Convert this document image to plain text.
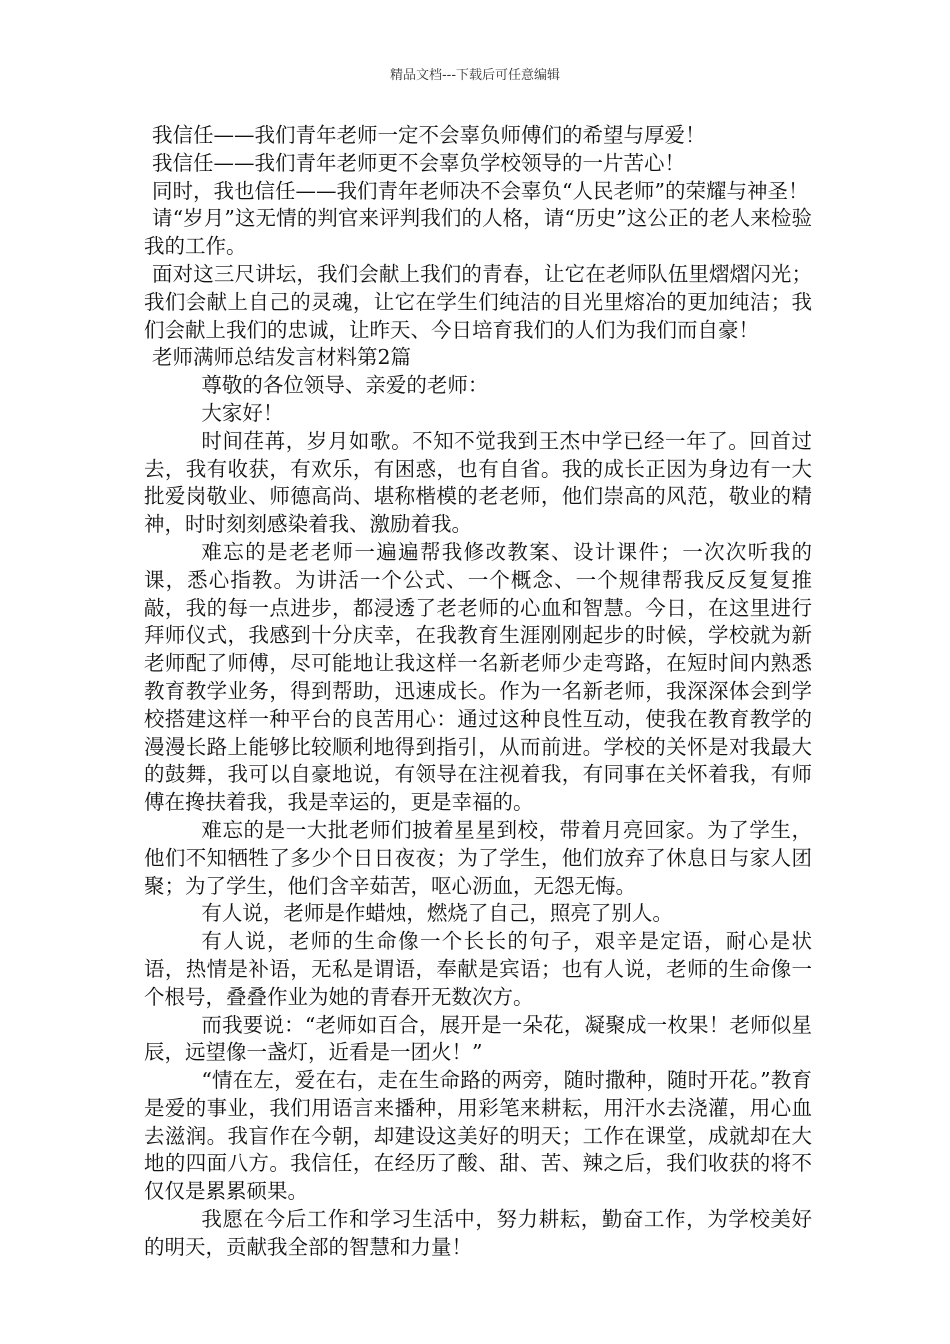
精品文档---下载后可任意编辑

我信任——我们青年老师一定不会辜负师傅们的希望与厚爱！

我信任——我们青年老师更不会辜负学校领导的一片苦心！

同时，我也信任——我们青年老师决不会辜负“人民老师”的荣耀与神圣！

请“岁月”这无情的判官来评判我们的人格，请“历史”这公正的老人来检验我的工作。

面对这三尺讲坛，我们会献上我们的青春，让它在老师队伍里熠熠闪光；我们会献上自己的灵魂，让它在学生们纯洁的目光里熔冶的更加纯洁；我们会献上我们的忠诚，让昨天、今日培育我们的人们为我们而自豪！

老师满师总结发言材料第2篇

尊敬的各位领导、亲爱的老师：

大家好！

时间荏苒，岁月如歌。不知不觉我到王杰中学已经一年了。回首过去，我有收获，有欢乐，有困惑，也有自省。我的成长正因为身边有一大批爱岗敬业、师德高尚、堪称楷模的老老师，他们崇高的风范，敬业的精神，时时刻刻感染着我、激励着我。

难忘的是老老师一遍遍帮我修改教案、设计课件；一次次听我的课，悉心指教。为讲活一个公式、一个概念、一个规律帮我反反复复推敲，我的每一点进步，都浸透了老老师的心血和智慧。今日，在这里进行拜师仪式，我感到十分庆幸，在我教育生涯刚刚起步的时候，学校就为新老师配了师傅，尽可能地让我这样一名新老师少走弯路，在短时间内熟悉教育教学业务，得到帮助，迅速成长。作为一名新老师，我深深体会到学校搭建这样一种平台的良苦用心：通过这种良性互动，使我在教育教学的漫漫长路上能够比较顺利地得到指引，从而前进。学校的关怀是对我最大的鼓舞，我可以自豪地说，有领导在注视着我，有同事在关怀着我，有师傅在搀扶着我，我是幸运的，更是幸福的。

难忘的是一大批老师们披着星星到校，带着月亮回家。为了学生，他们不知牺牲了多少个日日夜夜；为了学生，他们放弃了休息日与家人团聚；为了学生，他们含辛茹苦，呕心沥血，无怨无悔。

有人说，老师是作蜡烛，燃烧了自己，照亮了别人。

有人说，老师的生命像一个长长的句子，艰辛是定语，耐心是状语，热情是补语，无私是谓语，奉献是宾语；也有人说，老师的生命像一个根号，叠叠作业为她的青春开无数次方。

而我要说：“老师如百合，展开是一朵花，凝聚成一枚果！老师似星辰，远望像一盏灯，近看是一团火！”

“情在左，爱在右，走在生命路的两旁，随时撒种，随时开花。”教育是爱的事业，我们用语言来播种，用彩笔来耕耘，用汗水去浇灌，用心血去滋润。我盲作在今朝，却建设这美好的明天；工作在课堂，成就却在大地的四面八方。我信任，在经历了酸、甜、苦、辣之后，我们收获的将不仅仅是累累硕果。

我愿在今后工作和学习生活中，努力耕耘，勤奋工作，为学校美好的明天，贡献我全部的智慧和力量！
